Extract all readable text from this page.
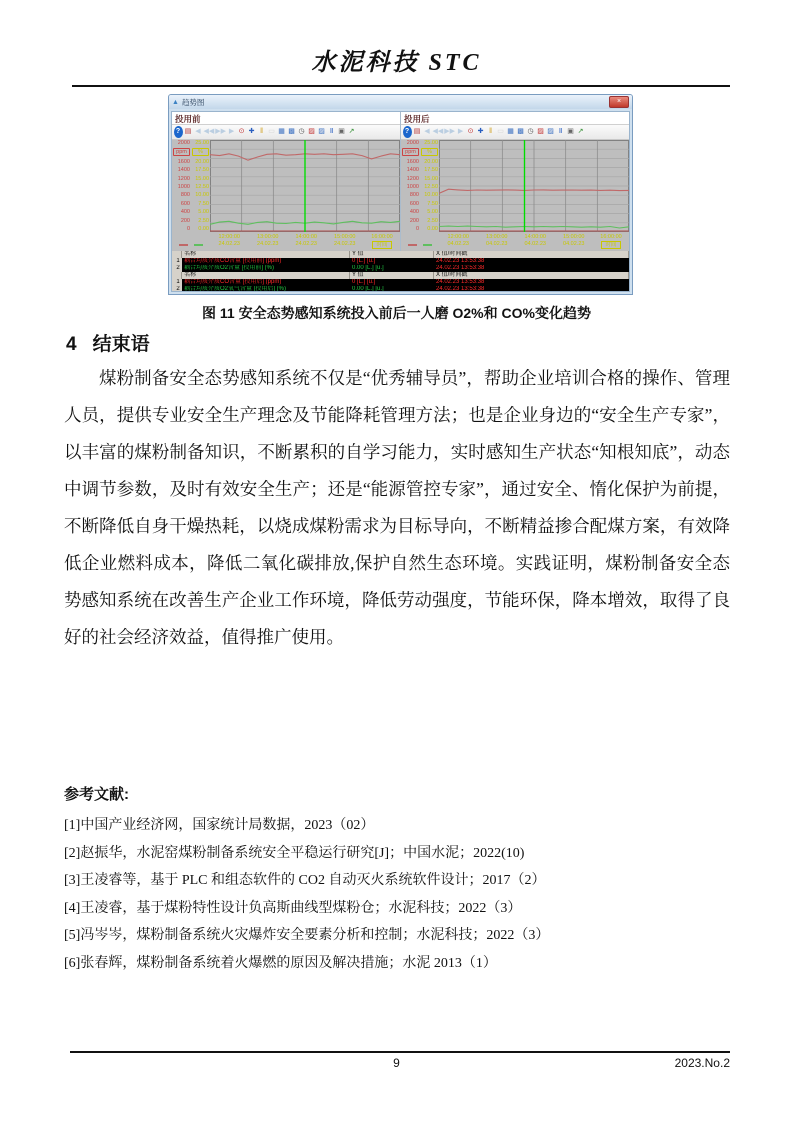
水泥科技 STC
▲ 趋势图	×
投用前
? ▤ ◀ ◀◀ ▶▶ ▶ ⊙ ✚ ‖ ▭ ▦ ▩ ◷ ▨ ▨ Ⅱ ▣ ↗
2000
ppm
1600
1400
1200
1000
800
600
400
200
0
25.00
%
20.00
17.50
15.00
12.50
10.00
7.50
5.00
2.50
0.00

12:00:00
24.02.23
13:00:00
24.02.23
14:00:00
24.02.23
15:00:00
24.02.23
16:00:00
时间
投用后
? ▤ ◀ ◀◀ ▶▶ ▶ ⊙ ✚ ‖ ▭ ▦ ▩ ◷ ▨ ▨ Ⅱ ▣ ↗
2000
ppm
1600
1400
1200
1000
800
600
400
200
0
25.00
%
20.00
17.50
15.00
12.50
10.00
7.50
5.00
2.50
0.00

12:00:00
04.02.23
13:00:00
04.02.23
14:00:00
04.02.23
15:00:00
04.02.23
16:00:00
时间
名称	Y 值	X 值/时间戳
1 耦合均质介质CO含量 [投用前] (ppm)	0 [L.] [u.]	24.02.23 13:53:38
2 耦合均质介质O2含量 [投用前] (%)	0.00 [L.] [u.]	24.02.23 13:53:38
名称	Y 值	X 值/时间戳
1 耦合均质介质CO含量 [投用后] (ppm)	0 [L.] [u.]	24.02.23 13:53:38
2 耦合均质介质O2氧气含量 [投用后] (%)	0.00 [L.] [u.]	24.02.23 13:53:38
图 11 安全态势感知系统投入前后一人磨 O2%和 CO%变化趋势
4 结束语
煤粉制备安全态势感知系统不仅是“优秀辅导员”，帮助企业培训合格的操作、管理人员，提供专业安全生产理念及节能降耗管理方法；也是企业身边的“安全生产专家”，以丰富的煤粉制备知识，不断累积的自学习能力，实时感知生产状态“知根知底”，动态中调节参数，及时有效安全生产；还是“能源管控专家”，通过安全、惰化保护为前提，不断降低自身干燥热耗，以烧成煤粉需求为目标导向，不断精益掺合配煤方案，有效降低企业燃料成本，降低二氧化碳排放,保护自然生态环境。实践证明，煤粉制备安全态势感知系统在改善生产企业工作环境，降低劳动强度，节能环保，降本增效，取得了良好的社会经济效益，值得推广使用。
参考文献:
[1]中国产业经济网，国家统计局数据，2023（02）
[2]赵振华，水泥窑煤粉制备系统安全平稳运行研究[J]；中国水泥；2022(10)
[3]王凌睿等，基于 PLC 和组态软件的 CO2 自动灭火系统软件设计；2017（2）
[4]王凌睿，基于煤粉特性设计负高斯曲线型煤粉仓；水泥科技；2022（3）
[5]冯岑岑，煤粉制备系统火灾爆炸安全要素分析和控制；水泥科技；2022（3）
[6]张春辉，煤粉制备系统着火爆燃的原因及解决措施；水泥 2013（1）
9	2023.No.2
